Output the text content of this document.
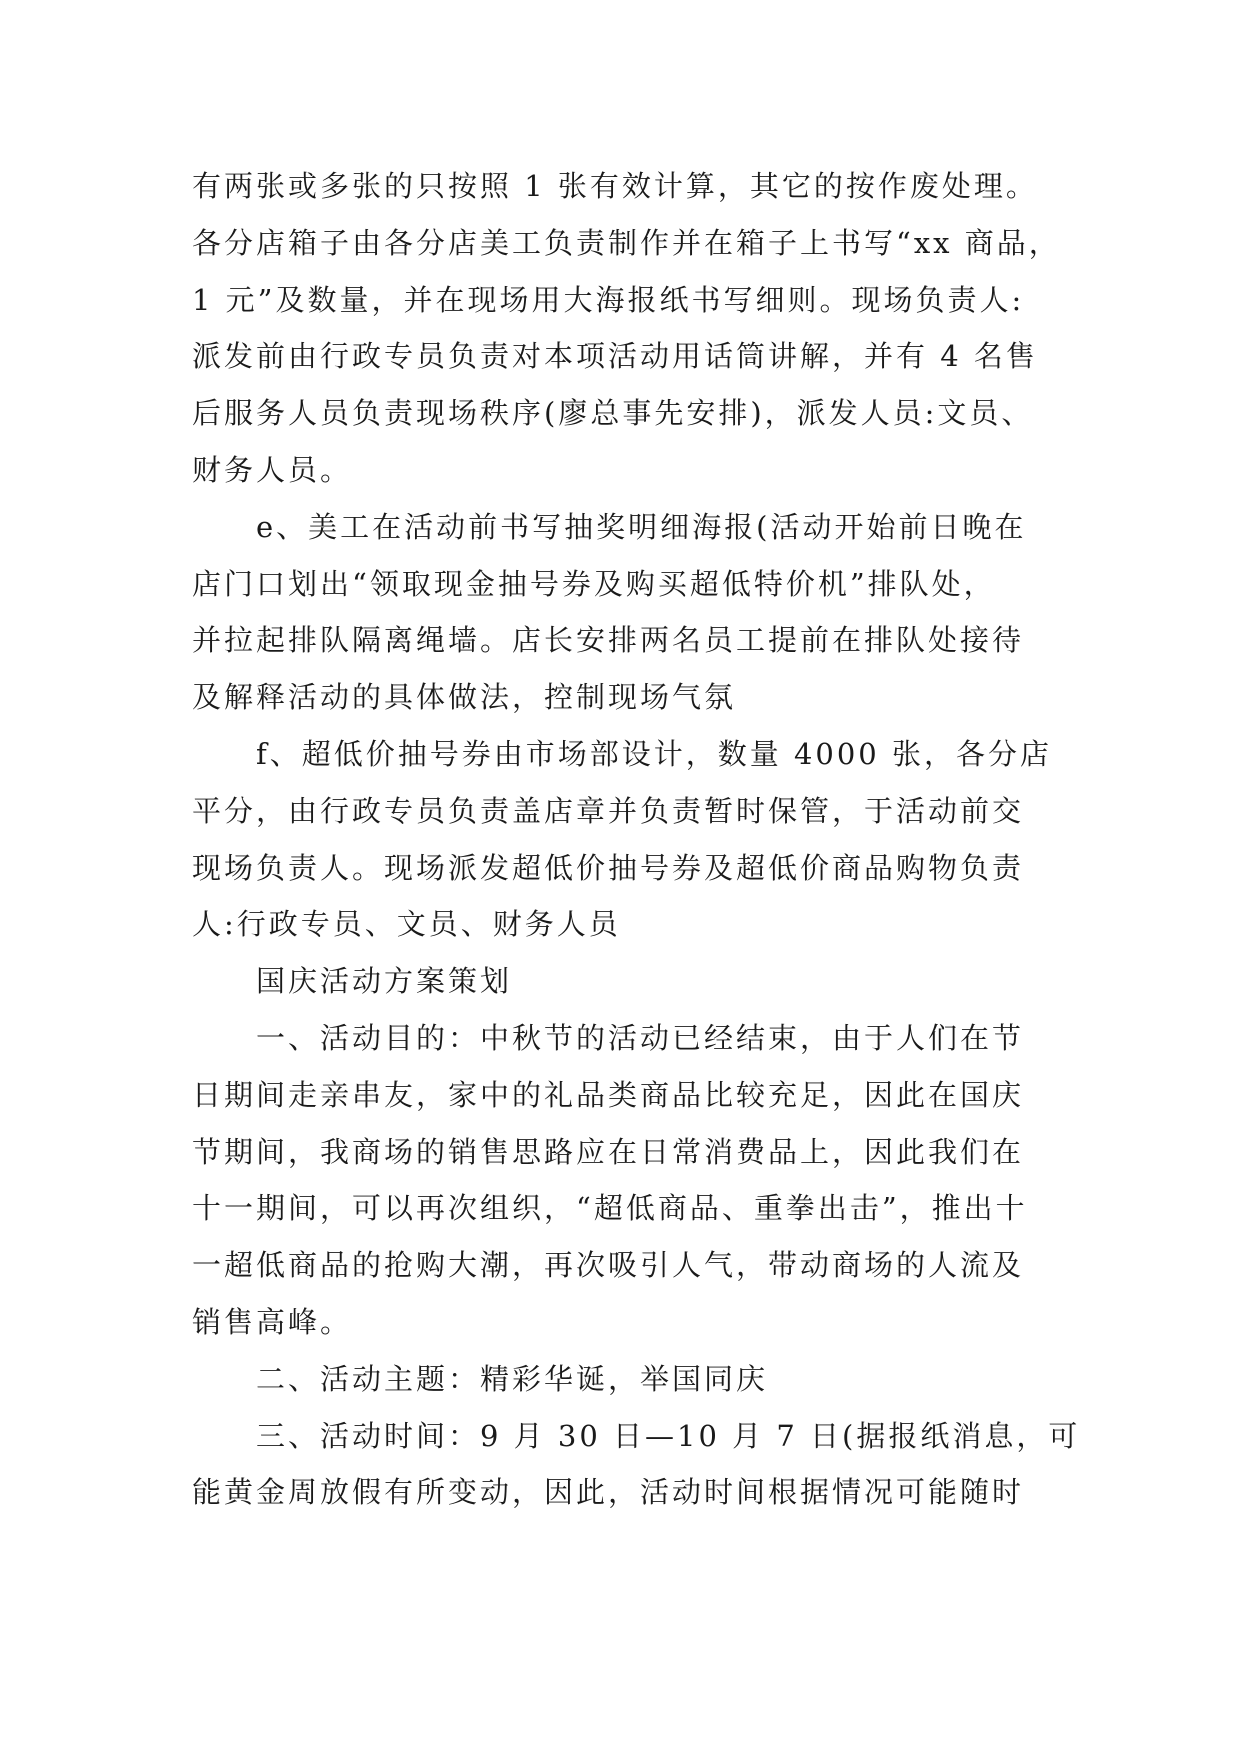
有两张或多张的只按照 1 张有效计算，其它的按作废处理。
各分店箱子由各分店美工负责制作并在箱子上书写“xx 商品，
1 元”及数量，并在现场用大海报纸书写细则。现场负责人:
派发前由行政专员负责对本项活动用话筒讲解，并有 4 名售
后服务人员负责现场秩序(廖总事先安排)，派发人员:文员、
财务人员。
e、美工在活动前书写抽奖明细海报(活动开始前日晚在
店门口划出“领取现金抽号券及购买超低特价机”排队处，
并拉起排队隔离绳墙。店长安排两名员工提前在排队处接待
及解释活动的具体做法，控制现场气氛
f、超低价抽号券由市场部设计，数量 4000 张，各分店
平分，由行政专员负责盖店章并负责暂时保管，于活动前交
现场负责人。现场派发超低价抽号券及超低价商品购物负责
人:行政专员、文员、财务人员
国庆活动方案策划
一、活动目的：中秋节的活动已经结束，由于人们在节
日期间走亲串友，家中的礼品类商品比较充足，因此在国庆
节期间，我商场的销售思路应在日常消费品上，因此我们在
十一期间，可以再次组织，“超低商品、重拳出击”，推出十
一超低商品的抢购大潮，再次吸引人气，带动商场的人流及
销售高峰。
二、活动主题：精彩华诞，举国同庆
三、活动时间：9 月 30 日—10 月 7 日(据报纸消息，可
能黄金周放假有所变动，因此，活动时间根据情况可能随时
